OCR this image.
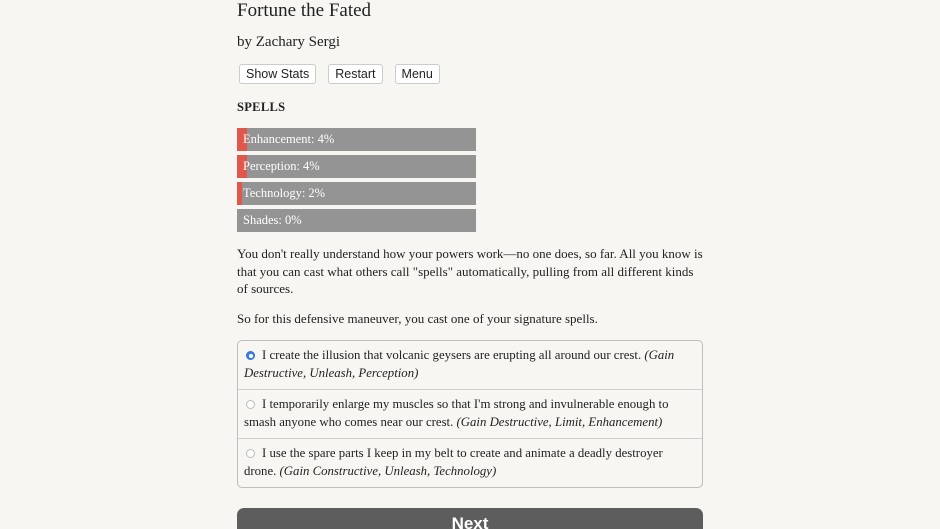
Fortune the Fated

by Zachary Sergi

Show Stats	Restart	Menu
SPELLS
Enhancement: 4%
Perception: 4%
Technology: 2%
Shades: 0%

You don't really understand how your powers work—no one does, so far. All you know is that you can cast what others call "spells" automatically, pulling from all different kinds of sources.

So for this defensive maneuver, you cast one of your signature spells.

I create the illusion that volcanic geysers are erupting all around our crest. (Gain Destructive, Unleash, Perception)
I temporarily enlarge my muscles so that I'm strong and invulnerable enough to smash anyone who comes near our crest. (Gain Destructive, Limit, Enhancement)
I use the spare parts I keep in my belt to create and animate a deadly destroyer drone. (Gain Constructive, Unleash, Technology)
Next
